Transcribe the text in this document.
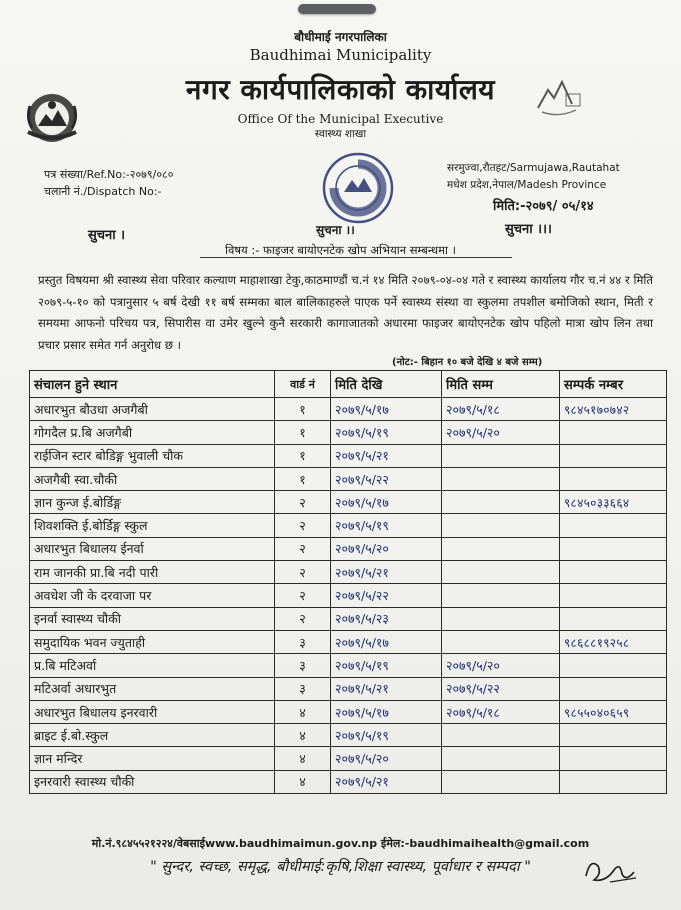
बौधीमाई नगरपालिका
Baudhimai Municipality
नगर कार्यपालिकाको कार्यालय
Office Of the Municipal Executive
स्वास्थ्य शाखा
पत्र संख्या/Ref.No:-२०७९/०८०
चलानी नं./Dispatch No:-
सरमुज्वा,रौतहट/Sarmujawa,Rautahat
मधेश प्रदेश,नेपाल/Madesh Province
मिति:-२०७९/ ०५/१४
सुचना ।	सुचना ।।।
सुचना ।।
विषय :- फाइजर बायोएनटेक खोप अभियान सम्बन्धमा ।
प्रस्तुत विषयमा श्री स्वास्थ्य सेवा परिवार कल्याण माहाशाखा टेकु,काठमाण्डौं च.नं १४ मिति २०७९-०४-०४ गते र स्वास्थ्य कार्यालय गौर च.नं ४४ र मिति २०७९-५-१० को पत्रानुसार ५ बर्ष देखी ११ बर्ष सम्मका बाल बालिकाहरुले पाएक पर्ने स्वास्थ्य संस्था वा स्कुलमा तपशील बमोजिको स्थान, मिती र समयमा आफनो परिचय पत्र, सिपारीस वा उमेर खुल्ने कुनै सरकारी कागाजातको अधारमा फाइजर बायोएनटेक खोप पहिलो मात्रा खोप लिन तथा प्रचार प्रसार समेत गर्न अनुरोध छ ।
(नोट:- बिहान १० बजे देखि ४ बजे सम्म)
संचालन हुने स्थान	वार्ड नं	मिति देखि	मिति सम्म	सम्पर्क नम्बर
अधारभुत बौउधा अजगैबी	१	२०७९/५/१७	२०७९/५/१८	९८४५१७०७४२
गोगदैल प्र.बि अजगैबी	१	२०७९/५/१९	२०७९/५/२०	
राईजिन स्टार बोडिङ्ग भुवाली चौक	१	२०७९/५/२१		
अजगैबी स्वा.चौकी	१	२०७९/५/२२		
ज्ञान कुन्ज ई.बोर्डिङ्ग	२	२०७९/५/१७		९८४५०३३६६४
शिवशक्ति ई.बोर्डिङ्ग स्कुल	२	२०७९/५/१९		
अधारभुत बिधालय ईनर्वा	२	२०७९/५/२०		
राम जानकी प्रा.बि नदी पारी	२	२०७९/५/२१		
अवधेश जी के दरवाजा पर	२	२०७९/५/२२		
इनर्वा स्वास्थ्य चौकी	२	२०७९/५/२३		
समुदायिक भवन ज्युताही	३	२०७९/५/१७		९८६८८१९२५८
प्र.बि मटिअर्वा	३	२०७९/५/१९	२०७९/५/२०	
मटिअर्वा अधारभुत	३	२०७९/५/२१	२०७९/५/२२	
अधारभुत बिधालय इनरवारी	४	२०७९/५/१७	२०७९/५/१८	९८५५०४०६५९
ब्राइट ई.बो.स्कुल	४	२०७९/५/१९		
ज्ञान मन्दिर	४	२०७९/५/२०		
इनरवारी स्वास्थ्य चौकी	४	२०७९/५/२१		
मो.नं.९८४५५२१२२४/वेबसाईwww.baudhimaimun.gov.np ईमेल:-baudhimaihealth@gmail.com
" सुन्दर, स्वच्छ, समृद्ध, बौधीमाई:कृषि,शिक्षा स्वास्थ्य, पूर्वाधार र सम्पदा "
